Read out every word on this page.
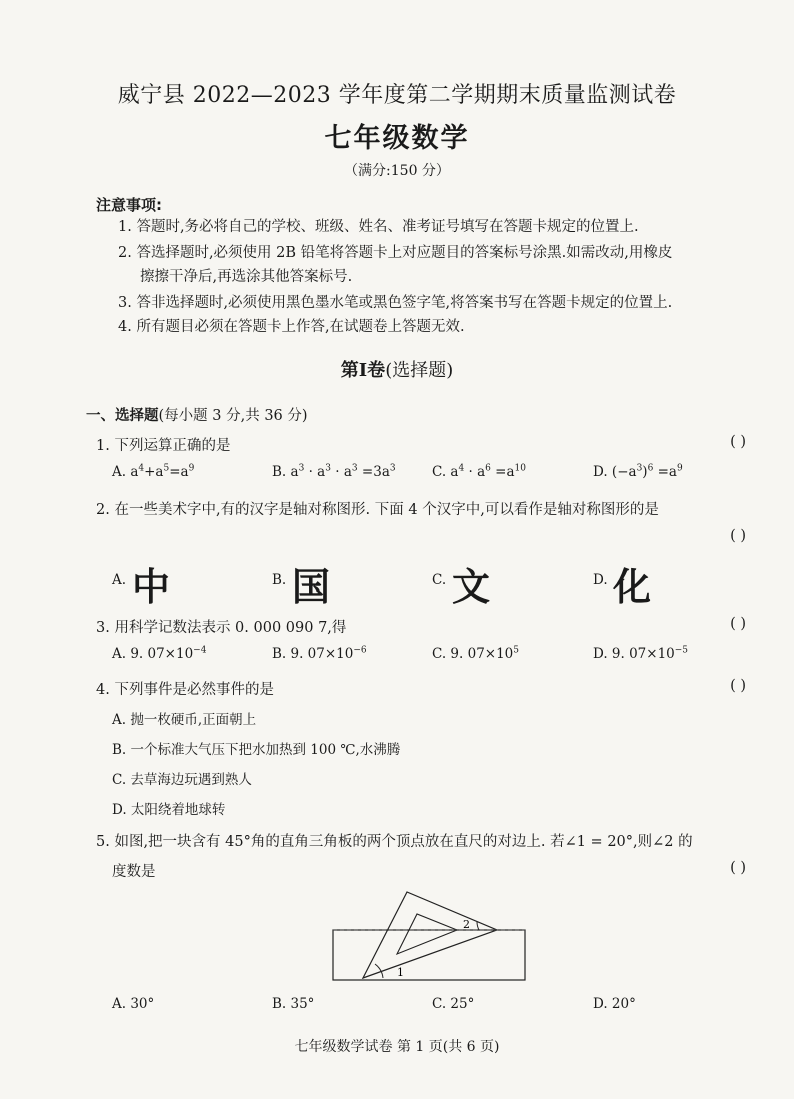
威宁县 2022—2023 学年度第二学期期末质量监测试卷
七年级数学
（满分:150 分）
注意事项:
1. 答题时,务必将自己的学校、班级、姓名、准考证号填写在答题卡规定的位置上.
2. 答选择题时,必须使用 2B 铅笔将答题卡上对应题目的答案标号涂黑.如需改动,用橡皮
擦擦干净后,再选涂其他答案标号.
3. 答非选择题时,必须使用黑色墨水笔或黑色签字笔,将答案书写在答题卡规定的位置上.
4. 所有题目必须在答题卡上作答,在试题卷上答题无效.
第Ⅰ卷(选择题)
一、选择题(每小题 3 分,共 36 分)
1. 下列运算正确的是	( )
A. $a^4+a^5=a^9$	B. $a^3 \cdot a^3 \cdot a^3 =3a^3$	C. $a^4 \cdot a^6 =a^{10}$	D. $(-a^3)^6 =a^9$
2. 在一些美术字中,有的汉字是轴对称图形. 下面 4 个汉字中,可以看作是轴对称图形的是
( )
A. 中	B. 国	C. 文	D. 化
3. 用科学记数法表示 0. 000 090 7,得	( )
A. 9. $07\times 10^{-4}$	B. 9. $07\times 10^{-6}$	C. 9. $07\times 10^5$	D. 9. $07\times 10^{-5}$
4. 下列事件是必然事件的是	( )
A. 抛一枚硬币,正面朝上
B. 一个标准大气压下把水加热到 100 ℃,水沸腾
C. 去草海边玩遇到熟人
D. 太阳绕着地球转
5. 如图,把一块含有 45°角的直角三角板的两个顶点放在直尺的对边上. 若∠1 = 20°,则∠2 的
度数是	( )
1
2
A. 30°	B. 35°	C. 25°	D. 20°
七年级数学试卷 第 1 页(共 6 页)
